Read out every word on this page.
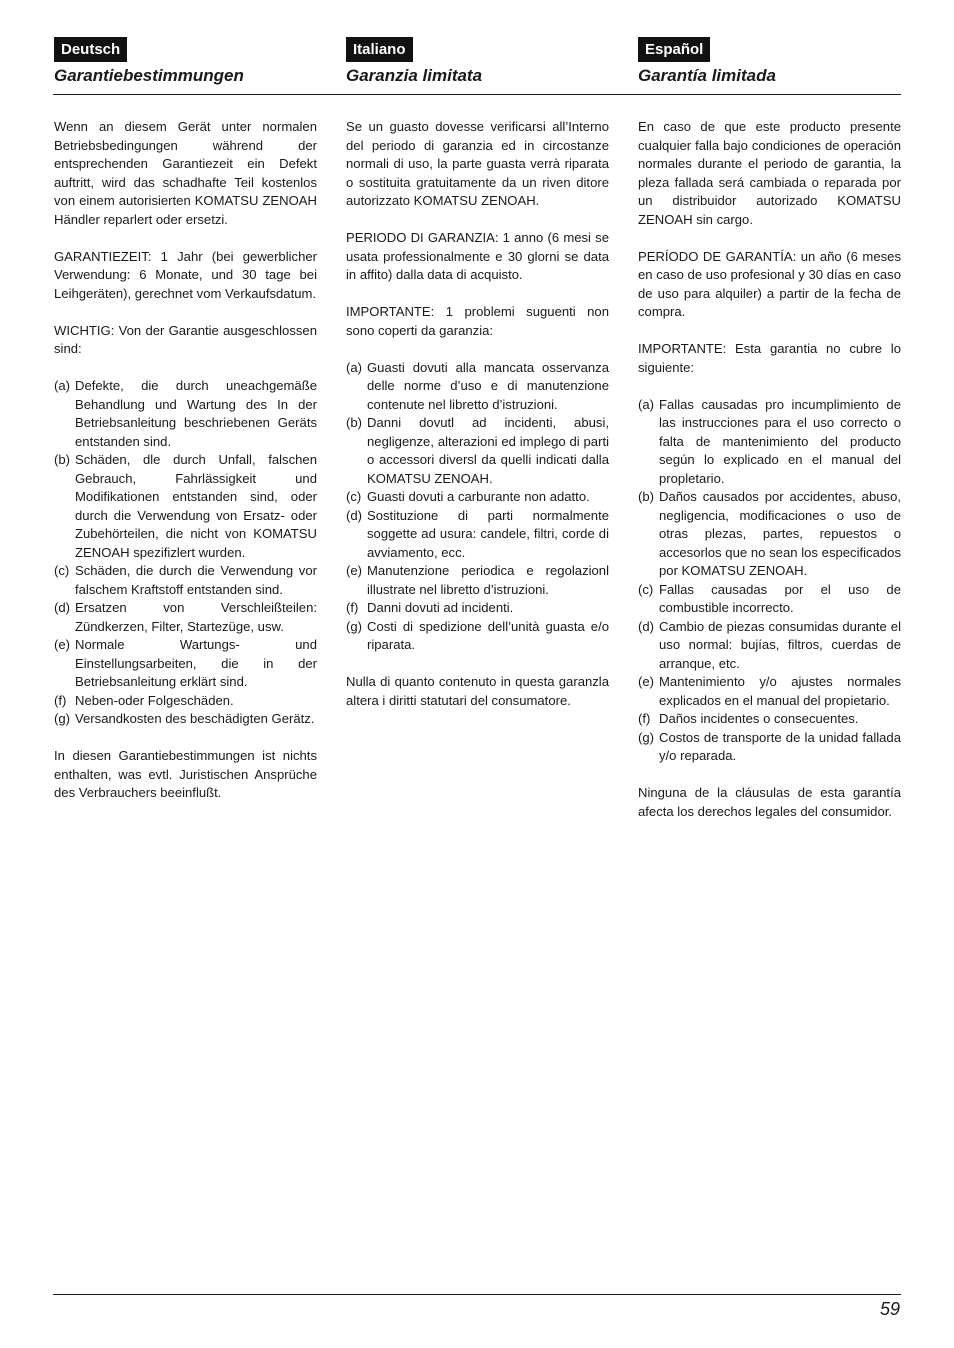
Deutsch
Garantiebestimmungen
Italiano
Garanzia limitata
Español
Garantía limitada

Wenn an diesem Gerät unter normalen Betriebsbedingungen während der entsprechenden Garantiezeit ein Defekt auftritt, wird das schadhafte Teil kostenlos von einem autorisierten KOMATSU ZENOAH Händler reparlert oder ersetzi.

GARANTIEZEIT: 1 Jahr (bei gewerblicher Verwendung: 6 Monate, und 30 tage bei Leihgeräten), gerechnet vom Verkaufsdatum.

WICHTIG: Von der Garantie ausgeschlossen sind:

(a) Defekte, die durch uneachgemäße Behandlung und Wartung des In der Betriebsanleitung beschriebenen Geräts entstanden sind.
(b) Schäden, dle durch Unfall, falschen Gebrauch, Fahrlässigkeit und Modifikationen entstanden sind, oder durch die Verwendung von Ersatz- oder Zubehörteilen, die nicht von KOMATSU ZENOAH spezifizlert wurden.
(c) Schäden, die durch die Verwendung vor falschem Kraftstoff entstanden sind.
(d) Ersatzen von Verschleißteilen: Zündkerzen, Filter, Startezüge, usw.
(e) Normale Wartungs- und Einstellungsarbeiten, die in der Betriebsanleitung erklärt sind.
(f) Neben-oder Folgeschäden.
(g) Versandkosten des beschädigten Gerätz.

In diesen Garantiebestimmungen ist nichts enthalten, was evtl. Juristischen Ansprüche des Verbrauchers beeinflußt.

Se un guasto dovesse verificarsi all’Interno del periodo di garanzia ed in circostanze normali di uso, la parte guasta verrà riparata o sostituita gratuitamente da un riven ditore autorizzato KOMATSU ZENOAH.

PERIODO DI GARANZIA: 1 anno (6 mesi se usata professionalmente e 30 glorni se data in affito) dalla data di acquisto.

IMPORTANTE: 1 problemi suguenti non sono coperti da garanzia:

(a) Guasti dovuti alla mancata osservanza delle norme d’uso e di manutenzione contenute nel libretto d’istruzioni.
(b) Danni dovutl ad incidenti, abusi, negligenze, alterazioni ed implego di parti o accessori diversl da quelli indicati dalla KOMATSU ZENOAH.
(c) Guasti dovuti a carburante non adatto.
(d) Sostituzione di parti normalmente soggette ad usura: candele, filtri, corde di avviamento, ecc.
(e) Manutenzione periodica e regolazionl illustrate nel libretto d’istruzioni.
(f) Danni dovuti ad incidenti.
(g) Costi di spedizione dell’unità guasta e/o riparata.

Nulla di quanto contenuto in questa garanzla altera i diritti statutari del consumatore.

En caso de que este producto presente cualquier falla bajo condiciones de operación normales durante el periodo de garantia, la pleza fallada será cambiada o reparada por un distribuidor autorizado KOMATSU ZENOAH sin cargo.

PERÍODO DE GARANTÍA: un año (6 meses en caso de uso profesional y 30 días en caso de uso para alquiler) a partir de la fecha de compra.

IMPORTANTE: Esta garantia no cubre lo siguiente:

(a) Fallas causadas pro incumplimiento de las instrucciones para el uso correcto o falta de mantenimiento del producto según lo explicado en el manual del propletario.
(b) Daños causados por accidentes, abuso, negligencia, modificaciones o uso de otras plezas, partes, repuestos o accesorlos que no sean los especificados por KOMATSU ZENOAH.
(c) Fallas causadas por el uso de combustible incorrecto.
(d) Cambio de piezas consumidas durante el uso normal: bujías, filtros, cuerdas de arranque, etc.
(e) Mantenimiento y/o ajustes normales explicados en el manual del propietario.
(f) Daños incidentes o consecuentes.
(g) Costos de transporte de la unidad fallada y/o reparada.

Ninguna de la cláusulas de esta garantía afecta los derechos legales del consumidor.

59
